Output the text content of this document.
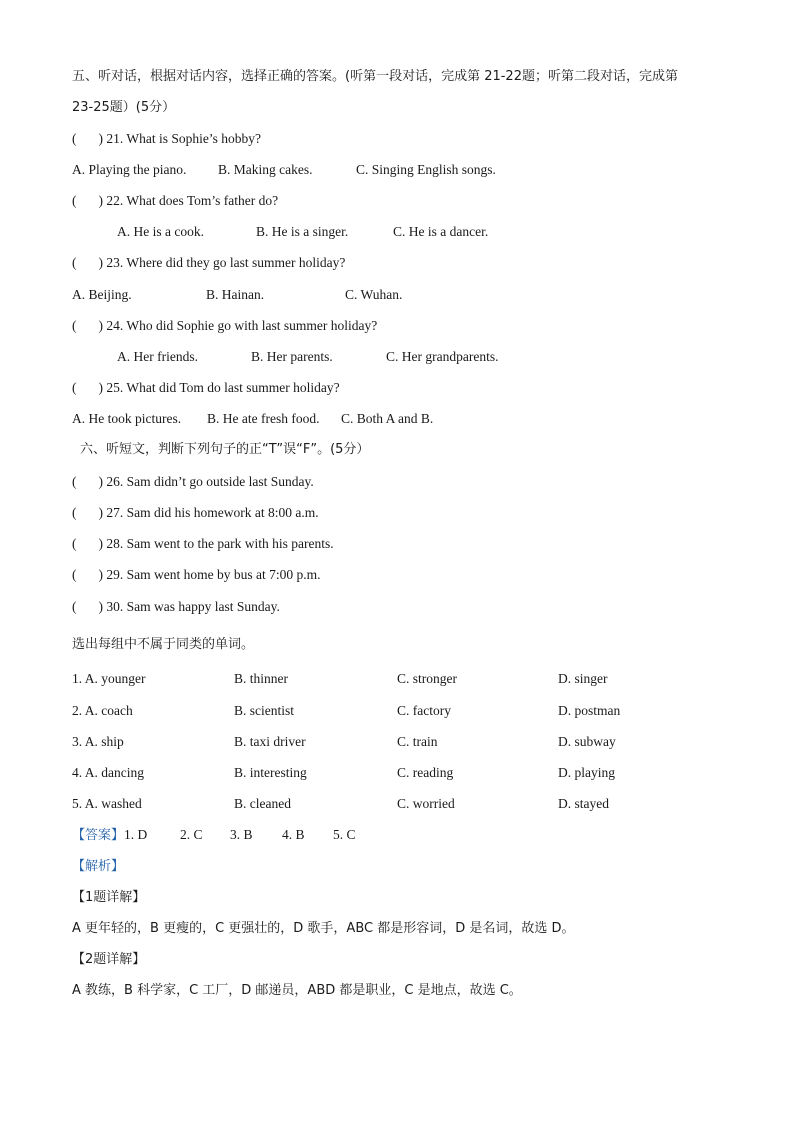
五、听对话，根据对话内容，选择正确的答案。(听第一段对话，完成第 21-22题；听第二段对话，完成第
23-25题）(5分）
( ) 21. What is Sophie’s hobby?
A. Playing the piano. B. Making cakes.	C. Singing English songs.
( ) 22. What does Tom’s father do?
A. He is a cook.	B. He is a singer.	C. He is a dancer.
( ) 23. Where did they go last summer holiday?
A. Beijing.	B. Hainan.	C. Wuhan.
( ) 24. Who did Sophie go with last summer holiday?
A. Her friends.	B. Her parents.	C. Her grandparents.
( ) 25. What did Tom do last summer holiday?
A. He took pictures. B. He ate fresh food. C. Both A and B.
六、听短文，判断下列句子的正“T”误“F”。(5分）
( ) 26. Sam didn’t go outside last Sunday.
( ) 27. Sam did his homework at 8:00 a.m.
( ) 28. Sam went to the park with his parents.
( ) 29. Sam went home by bus at 7:00 p.m.
( ) 30. Sam was happy last Sunday.
选出每组中不属于同类的单词。
1. A. younger	B. thinner	C. stronger	D. singer
2. A. coach	B. scientist	C. factory	D. postman
3. A. ship	B. taxi driver	C. train	D. subway
4. A. dancing	B. interesting	C. reading	D. playing
5. A. washed	B. cleaned	C. worried	D. stayed
【答案】1. D 2. C 3. B 4. B 5. C
【解析】
【1题详解】
A 更年轻的，B 更瘦的，C 更强壮的，D 歌手，ABC 都是形容词，D 是名词，故选 D。
【2题详解】
A 教练，B 科学家，C 工厂，D 邮递员，ABD 都是职业，C 是地点，故选 C。
